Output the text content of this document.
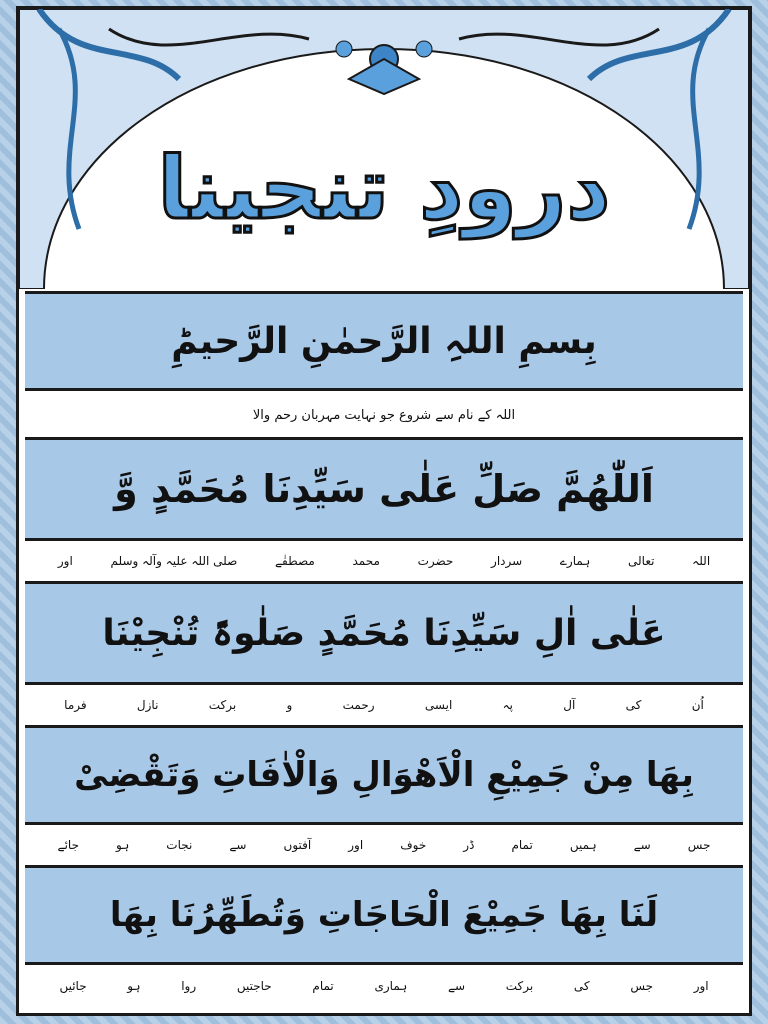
درودِ تنجینا
بِسمِ اللہِ الرَّحمٰنِ الرَّحیمِؕ
اللہ کے نام سے شروع جو نہایت مہربان رحم والا
اَللّٰھُمَّ صَلِّ عَلٰی سَیِّدِنَا مُحَمَّدٍ وَّ
اللہ
تعالی
ہمارے
سردار
حضرت
محمد
مصطفٰے
صلی اللہ علیہ وآلہ وسلم
اور
عَلٰی اٰلِ سَیِّدِنَا مُحَمَّدٍ صَلٰوۃً تُنْجِیْنَا
اُن
کی
آل
پہ
ایسی
رحمت
و
برکت
نازل
فرما
بِھَا مِنْ جَمِیْعِ الْاَھْوَالِ وَالْاٰفَاتِ وَتَقْضِیْ
جس
سے
ہمیں
تمام
ڈر
خوف
اور
آفتوں
سے
نجات
ہو
جائے
لَنَا بِھَا جَمِیْعَ الْحَاجَاتِ وَتُطَھِّرُنَا بِھَا
اور
جس
کی
برکت
سے
ہماری
تمام
حاجتیں
روا
ہو
جائیں
